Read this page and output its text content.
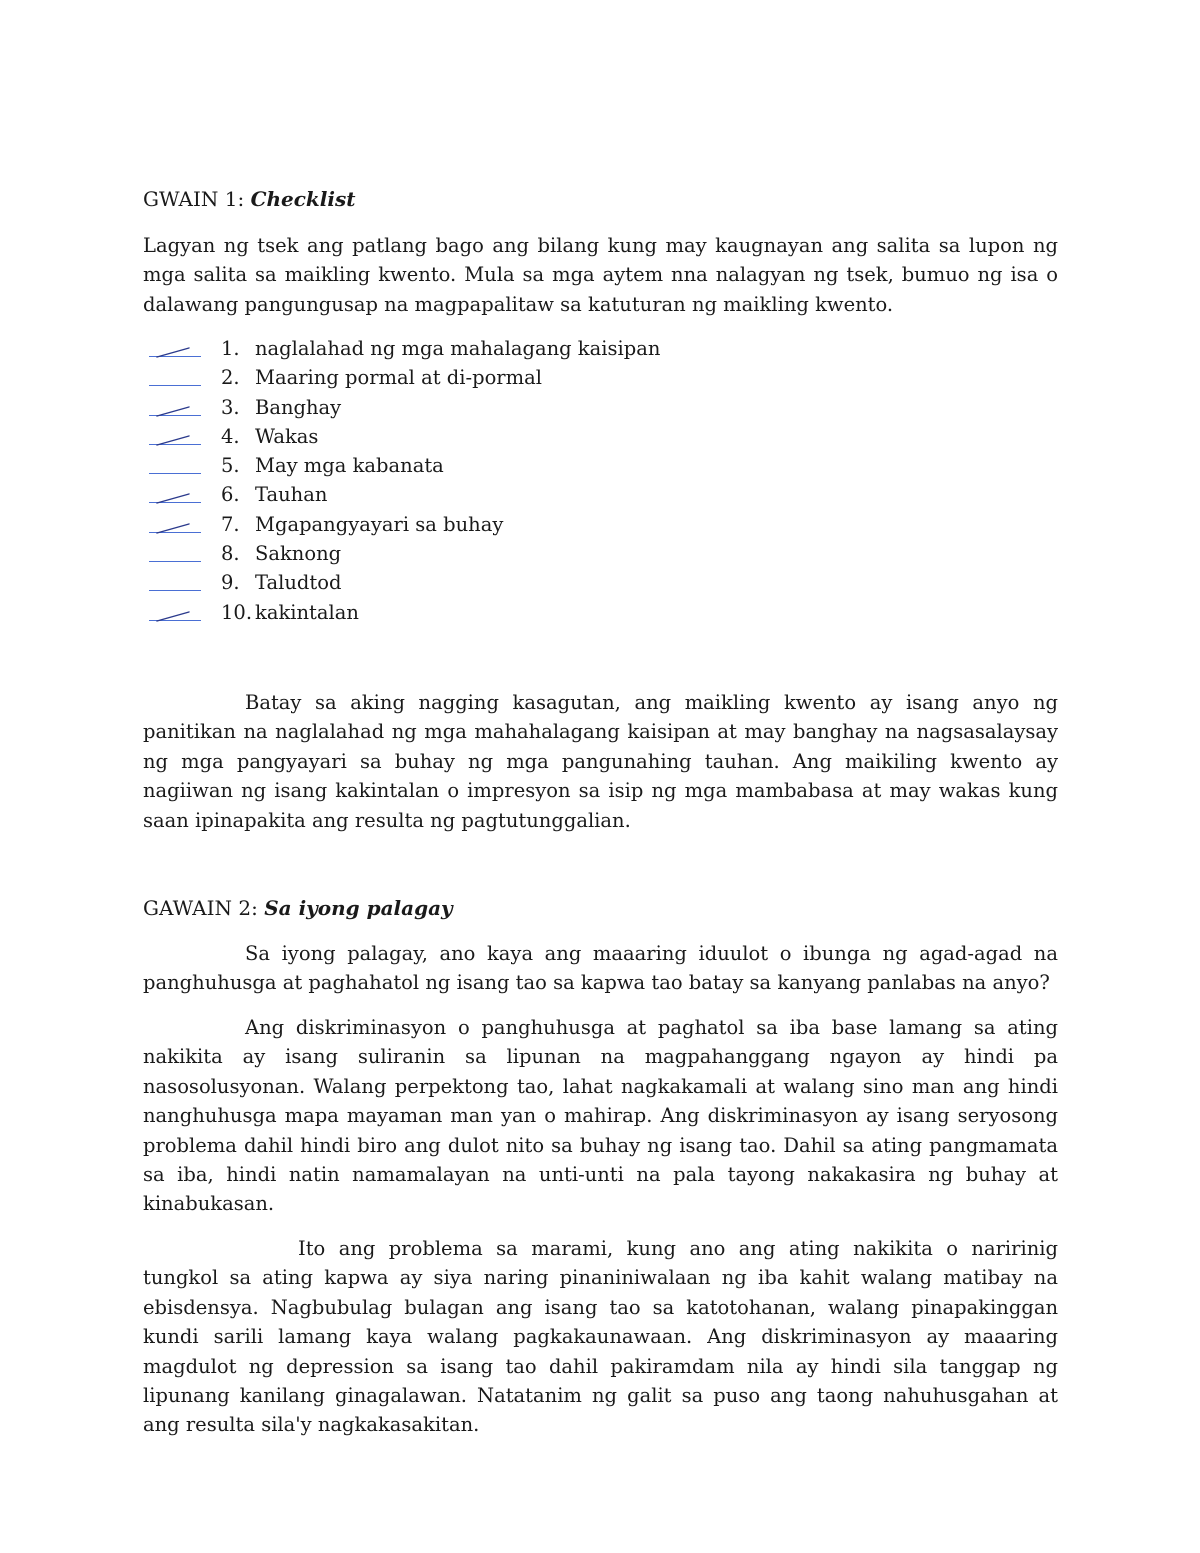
GWAIN 1: Checklist

Lagyan ng tsek ang patlang bago ang bilang kung may kaugnayan ang salita sa lupon ng mga salita sa maikling kwento. Mula sa mga aytem nna nalagyan ng tsek, bumuo ng isa o dalawang pangungusap na magpapalitaw sa katuturan ng maikling kwento.

1. naglalahad ng mga mahalagang kaisipan
2. Maaring pormal at di-pormal
3. Banghay
4. Wakas
5. May mga kabanata
6. Tauhan
7. Mgapangyayari sa buhay
8. Saknong
9. Taludtod
10. kakintalan

Batay sa aking nagging kasagutan, ang maikling kwento ay isang anyo ng panitikan na naglalahad ng mga mahahalagang kaisipan at may banghay na nagsasalaysay ng mga pangyayari sa buhay ng mga pangunahing tauhan. Ang maikiling kwento ay nagiiwan ng isang kakintalan o impresyon sa isip ng mga mambabasa at may wakas kung saan ipinapakita ang resulta ng pagtutunggalian.

GAWAIN 2: Sa iyong palagay

Sa iyong palagay, ano kaya ang maaaring iduulot o ibunga ng agad-agad na panghuhusga at paghahatol ng isang tao sa kapwa tao batay sa kanyang panlabas na anyo?

Ang diskriminasyon o panghuhusga at paghatol sa iba base lamang sa ating nakikita ay isang suliranin sa lipunan na magpahanggang ngayon ay hindi pa nasosolusyonan. Walang perpektong tao, lahat nagkakamali at walang sino man ang hindi nanghuhusga mapa mayaman man yan o mahirap. Ang diskriminasyon ay isang seryosong problema dahil hindi biro ang dulot nito sa buhay ng isang tao. Dahil sa ating pangmamata sa iba, hindi natin namamalayan na unti-unti na pala tayong nakakasira ng buhay at kinabukasan.

Ito ang problema sa marami, kung ano ang ating nakikita o naririnig tungkol sa ating kapwa ay siya naring pinaniniwalaan ng iba kahit walang matibay na ebisdensya. Nagbubulag bulagan ang isang tao sa katotohanan, walang pinapakinggan kundi sarili lamang kaya walang pagkakaunawaan. Ang diskriminasyon ay maaaring magdulot ng depression sa isang tao dahil pakiramdam nila ay hindi sila tanggap ng lipunang kanilang ginagalawan. Natatanim ng galit sa puso ang taong nahuhusgahan at ang resulta sila'y nagkakasakitan.
